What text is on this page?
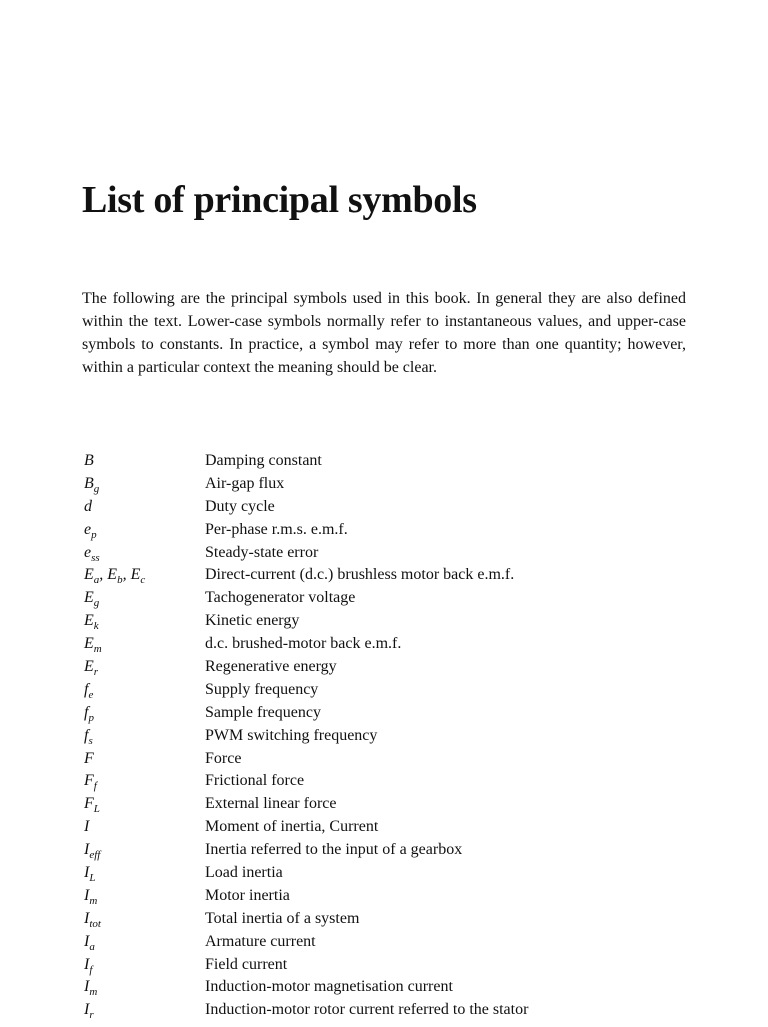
List of principal symbols

The following are the principal symbols used in this book. In general they are also defined within the text. Lower-case symbols normally refer to instantaneous values, and upper-case symbols to constants. In practice, a symbol may refer to more than one quantity; however, within a particular context the meaning should be clear.

B	Damping constant
$B_g$	Air-gap flux
d	Duty cycle
$e_p$	Per-phase r.m.s. e.m.f.
$e_{ss}$	Steady-state error
$E_a$, $E_b$, $E_c$	Direct-current (d.c.) brushless motor back e.m.f.
$E_g$	Tachogenerator voltage
$E_k$	Kinetic energy
$E_m$	d.c. brushed-motor back e.m.f.
$E_r$	Regenerative energy
$f_e$	Supply frequency
$f_p$	Sample frequency
$f_s$	PWM switching frequency
F	Force
$F_f$	Frictional force
$F_L$	External linear force
I	Moment of inertia, Current
$I_{eff}$	Inertia referred to the input of a gearbox
$I_L$	Load inertia
$I_m$	Motor inertia
$I_{tot}$	Total inertia of a system
$I_a$	Armature current
$I_f$	Field current
$I_m$	Induction-motor magnetisation current
$I_r$	Induction-motor rotor current referred to the stator
